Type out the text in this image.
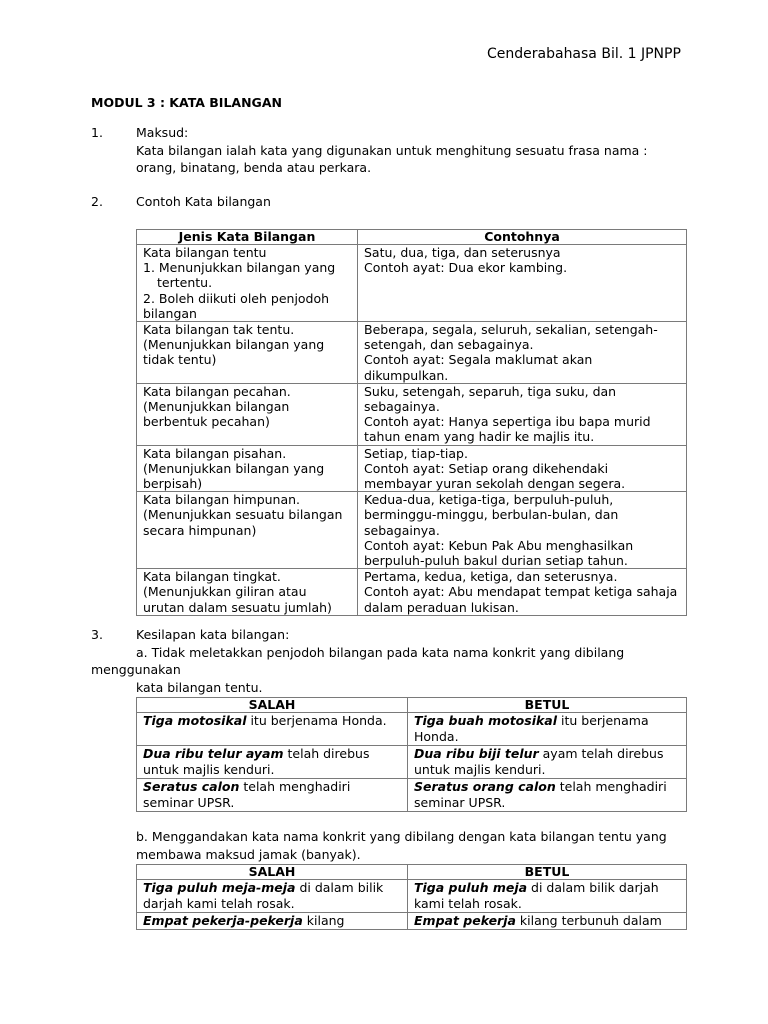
Cenderabahasa Bil. 1 JPNPP
MODUL 3 : KATA BILANGAN
1.	Maksud:
Kata bilangan ialah kata yang digunakan untuk menghitung sesuatu frasa nama :
orang, binatang, benda atau perkara.
2.	Contoh Kata bilangan
Jenis Kata Bilangan	Contohnya

Kata bilangan tentu
1. Menunjukkan bilangan yang
tertentu.
2. Boleh diikuti oleh penjodoh
bilangan	Satu, dua, tiga, dan seterusnya
Contoh ayat: Dua ekor kambing.

Kata bilangan tak tentu.
(Menunjukkan bilangan yang
tidak tentu)	Beberapa, segala, seluruh, sekalian, setengah-
setengah, dan sebagainya.
Contoh ayat: Segala maklumat akan
dikumpulkan.

Kata bilangan pecahan.
(Menunjukkan bilangan
berbentuk pecahan)	Suku, setengah, separuh, tiga suku, dan
sebagainya.
Contoh ayat: Hanya sepertiga ibu bapa murid
tahun enam yang hadir ke majlis itu.

Kata bilangan pisahan.
(Menunjukkan bilangan yang
berpisah)	Setiap, tiap-tiap.
Contoh ayat: Setiap orang dikehendaki
membayar yuran sekolah dengan segera.

Kata bilangan himpunan.
(Menunjukkan sesuatu bilangan
secara himpunan)	Kedua-dua, ketiga-tiga, berpuluh-puluh,
berminggu-minggu, berbulan-bulan, dan
sebagainya.
Contoh ayat: Kebun Pak Abu menghasilkan
berpuluh-puluh bakul durian setiap tahun.

Kata bilangan tingkat.
(Menunjukkan giliran atau
urutan dalam sesuatu jumlah)	Pertama, kedua, ketiga, dan seterusnya.
Contoh ayat: Abu mendapat tempat ketiga sahaja
dalam peraduan lukisan.
3.	Kesilapan kata bilangan:
a. Tidak meletakkan penjodoh bilangan pada kata nama konkrit yang dibilang
menggunakan
kata bilangan tentu.
SALAH	BETUL
Tiga motosikal itu berjenama Honda.	Tiga buah motosikal itu berjenama
Honda.

Dua ribu telur ayam telah direbus
untuk majlis kenduri.	Dua ribu biji telur ayam telah direbus
untuk majlis kenduri.

Seratus calon telah menghadiri
seminar UPSR.	Seratus orang calon telah menghadiri
seminar UPSR.
b. Menggandakan kata nama konkrit yang dibilang dengan kata bilangan tentu yang
membawa maksud jamak (banyak).
SALAH	BETUL
Tiga puluh meja-meja di dalam bilik
darjah kami telah rosak.	Tiga puluh meja di dalam bilik darjah
kami telah rosak.

Empat pekerja-pekerja kilang	Empat pekerja kilang terbunuh dalam
